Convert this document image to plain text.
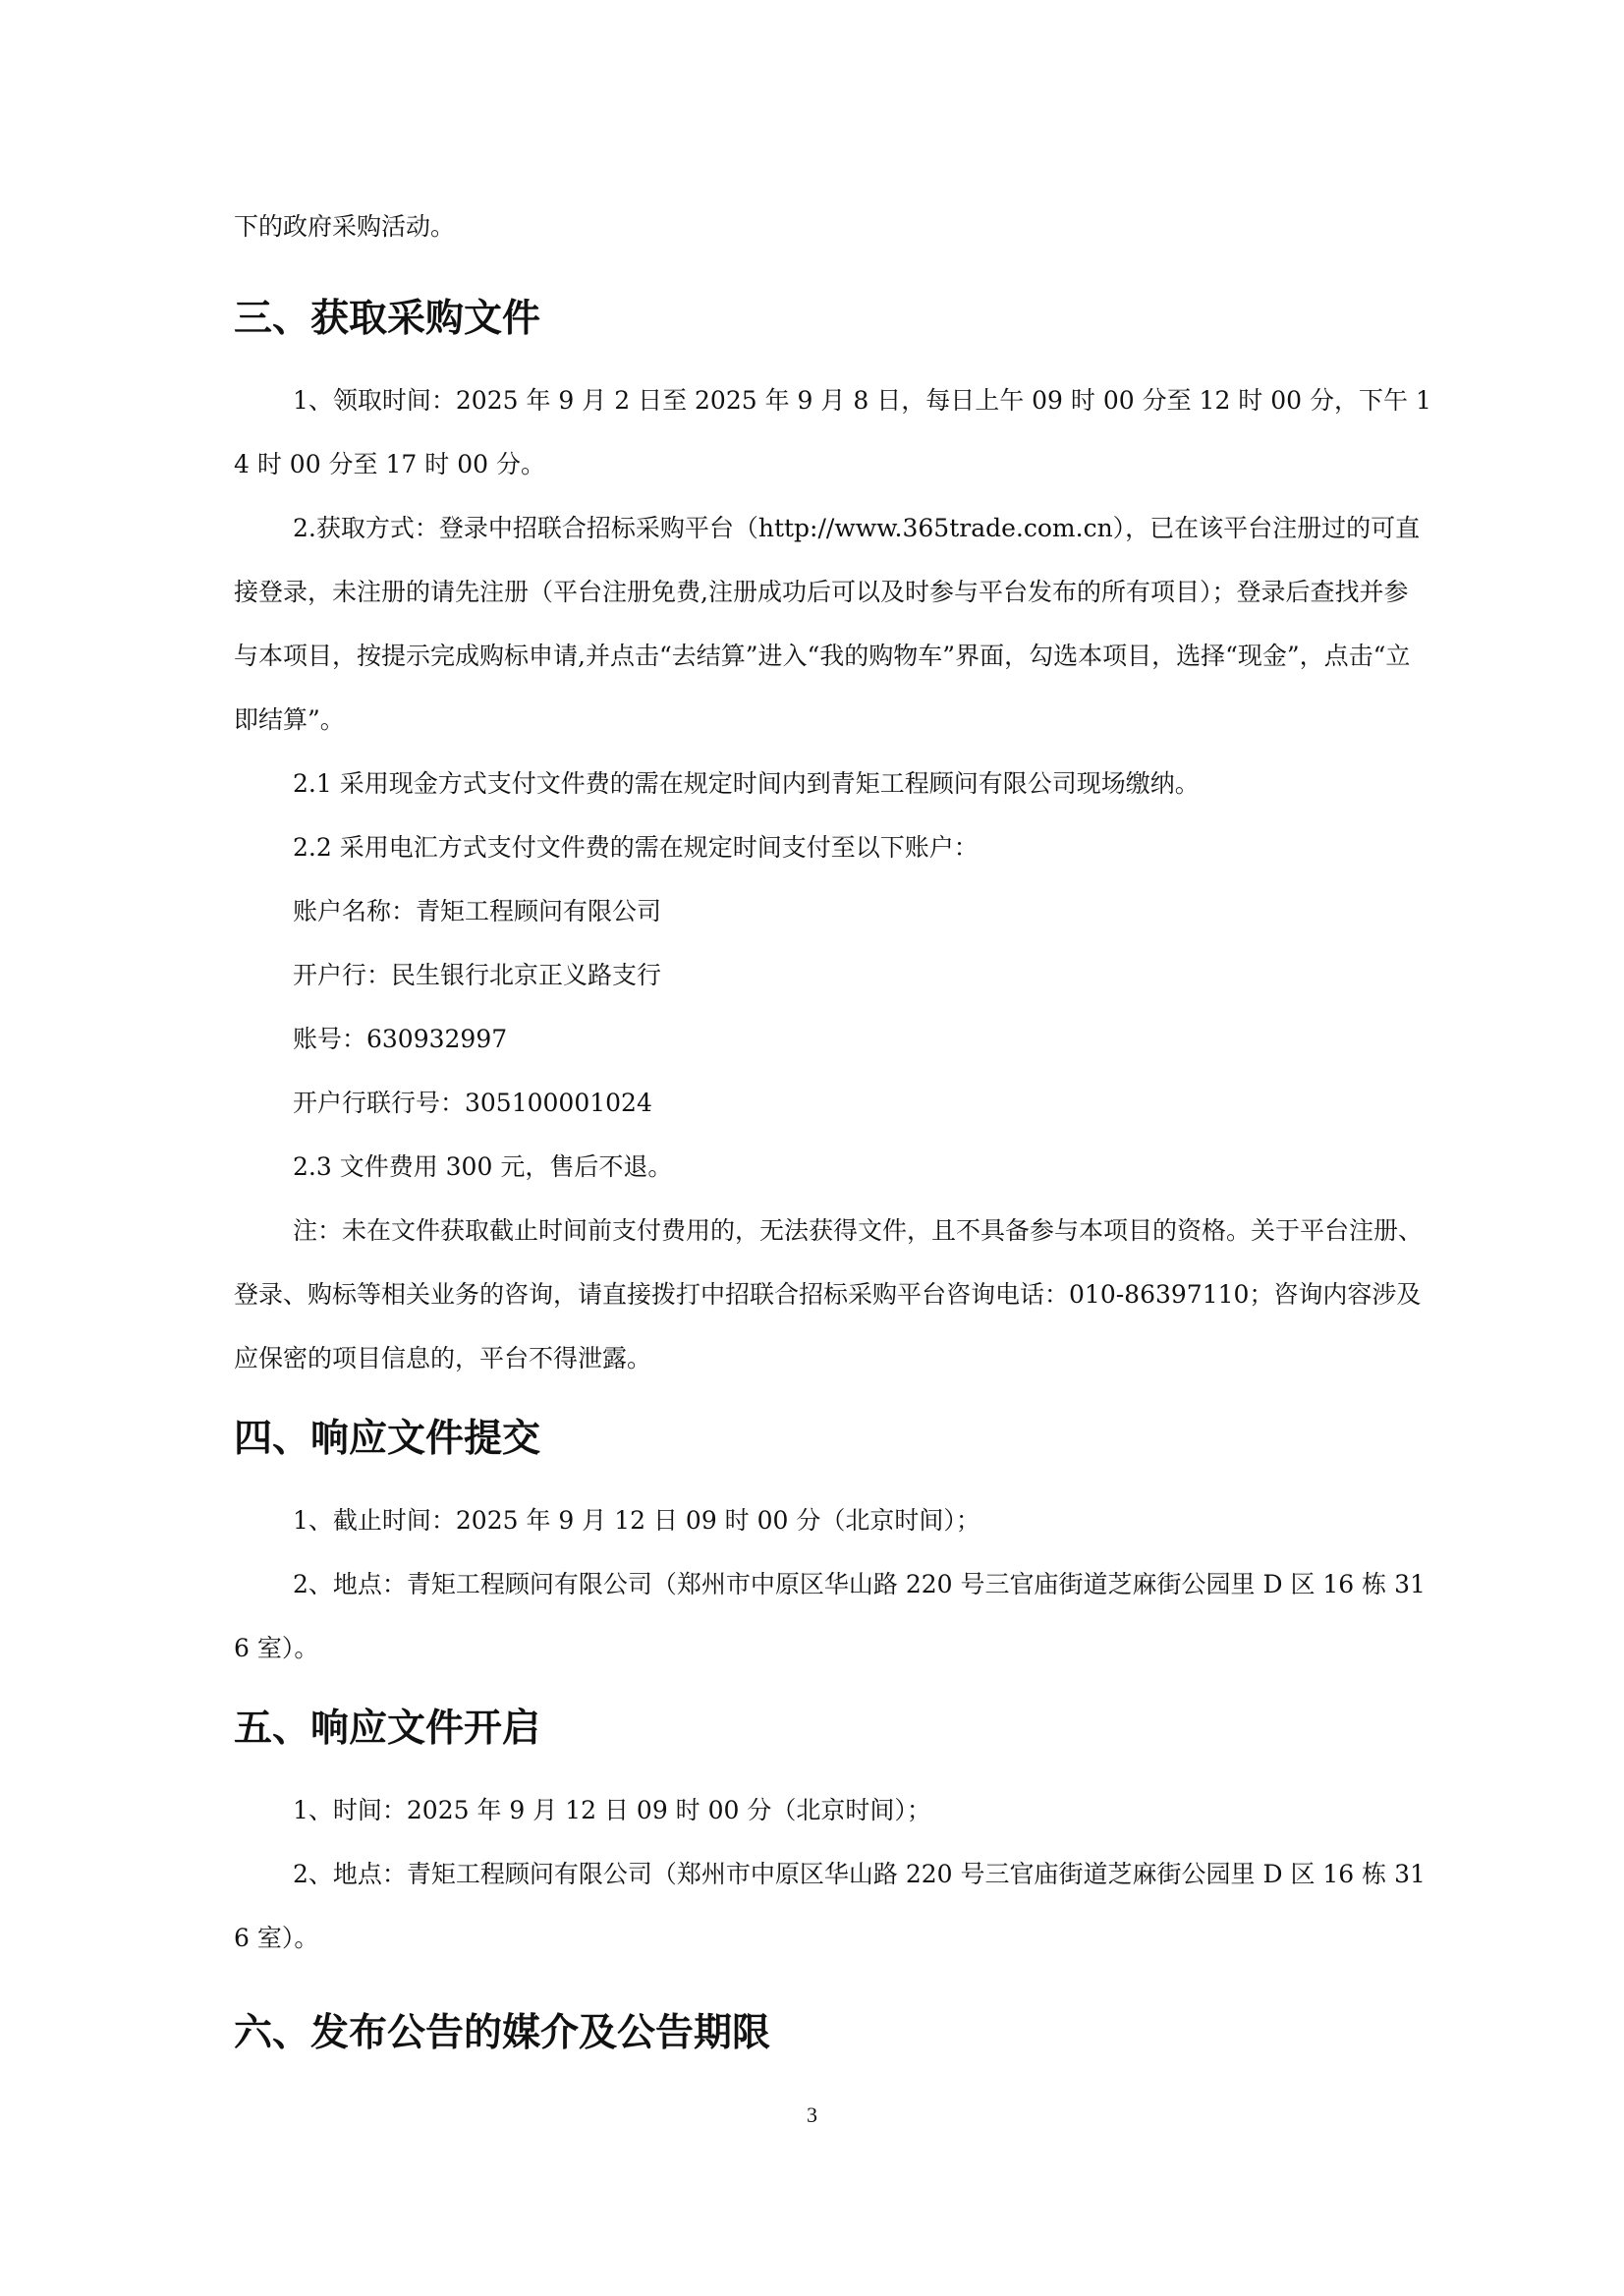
下的政府采购活动。

三、获取采购文件

1、领取时间：2025 年 9 月 2 日至 2025 年 9 月 8 日，每日上午 09 时 00 分至 12 时 00 分，下午 14 时 00 分至 17 时 00 分。

2.获取方式：登录中招联合招标采购平台（http://www.365trade.com.cn），已在该平台注册过的可直接登录，未注册的请先注册（平台注册免费,注册成功后可以及时参与平台发布的所有项目）；登录后查找并参与本项目，按提示完成购标申请,并点击“去结算”进入“我的购物车”界面，勾选本项目，选择“现金”，点击“立即结算”。

2.1 采用现金方式支付文件费的需在规定时间内到青矩工程顾问有限公司现场缴纳。

2.2 采用电汇方式支付文件费的需在规定时间支付至以下账户：

账户名称：青矩工程顾问有限公司

开户行：民生银行北京正义路支行

账号：630932997

开户行联行号：305100001024

2.3 文件费用 300 元，售后不退。

注：未在文件获取截止时间前支付费用的，无法获得文件，且不具备参与本项目的资格。关于平台注册、登录、购标等相关业务的咨询，请直接拨打中招联合招标采购平台咨询电话：010-86397110；咨询内容涉及应保密的项目信息的，平台不得泄露。

四、响应文件提交

1、截止时间：2025 年 9 月 12 日 09 时 00 分（北京时间）；

2、地点：青矩工程顾问有限公司（郑州市中原区华山路 220 号三官庙街道芝麻街公园里 D 区 16 栋 316 室）。

五、响应文件开启

1、时间：2025 年 9 月 12 日 09 时 00 分（北京时间）；

2、地点：青矩工程顾问有限公司（郑州市中原区华山路 220 号三官庙街道芝麻街公园里 D 区 16 栋 316 室）。

六、发布公告的媒介及公告期限
3
